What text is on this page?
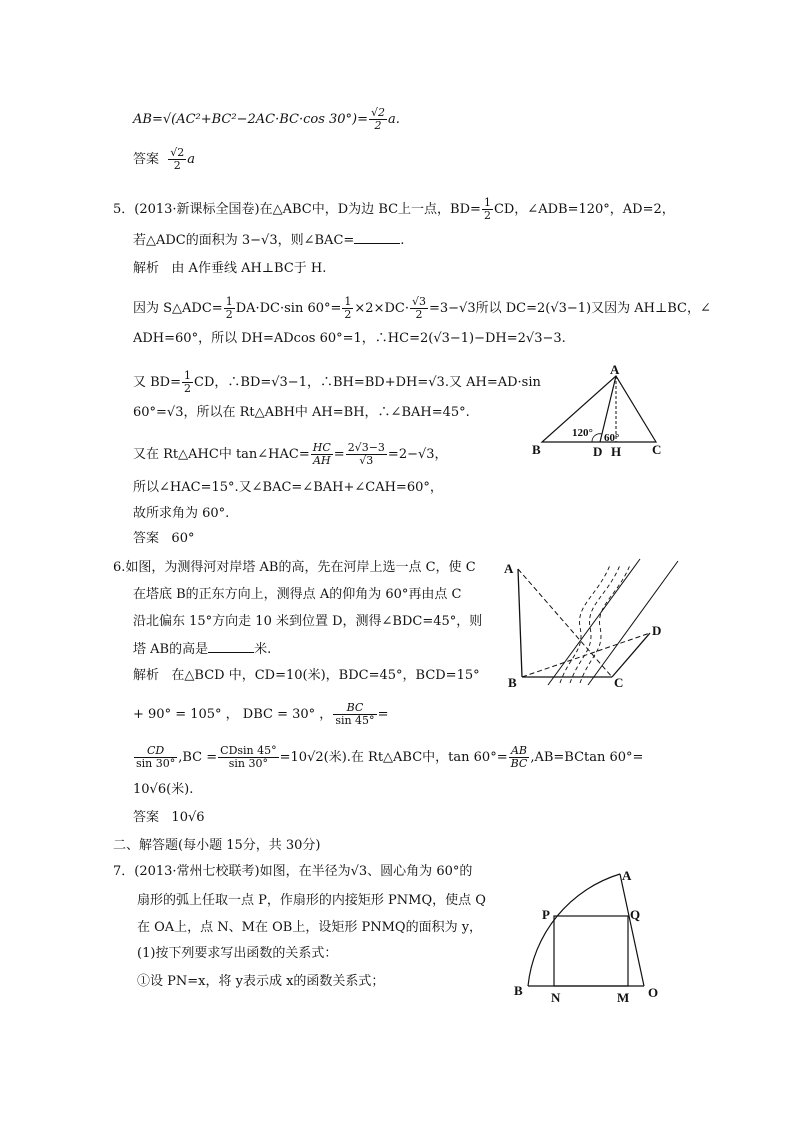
AB=√(AC²+BC²−2AC·BC·cos $30^\circ)= \frac{√2}{2} a$.
答案 $\frac{√2}{2}$ a
5．(2013·新课标全国卷)在△ABC中，D为边 BC上一点，$BD= \frac{1}{2}$ CD，∠ADB=120°，AD=2，
若△ADC的面积为 3−√3，则∠BAC=	.
解析 由 A作垂线 AH⊥BC于 H.
因为 S△ADC= $\frac{1}{2} DA\cdot DC\cdot\sin$ $60^\circ= \frac{1}{2} \times 2\times DC\cdot \frac{√3}{2} =3-√3$所以 DC=2(√3−1)又因为 AH⊥BC，∠
ADH=60°，所以 DH=ADcos 60°=1，∴HC=2(√3−1)−DH=2√3−3.
又 $BD= \frac{1}{2}$ CD，∴BD=√3−1，∴BH=BD+DH=√3.又 AH=AD·sin
60°=√3，所以在 Rt△ABH中 AH=BH，∴∠BAH=45°.
又在 Rt△AHC中 tan∠HAC= $\frac{HC}{AH} = \frac{2√3-3}{√3} =2-√3$，
所以∠HAC=15°.又∠BAC=∠BAH+∠CAH=60°，
故所求角为 60°.
答案 60°
A
B	C
D H
120° 60°
6.如图，为测得河对岸塔 AB的高，先在河岸上选一点 C，使 C
在塔底 B的正东方向上，测得点 A的仰角为 60°再由点 C
沿北偏东 15°方向走 10 米到位置 D，测得∠BDC=45°，则
塔 AB的高是	米.
解析 在△BCD 中，CD=10(米)，BDC=45°，BCD=15°
+ 90° = 105° ， DBC = 30° ， $\frac{BC}{\sin 45^\circ}$ =
$\frac{CD}{\sin 30^\circ} ,BC = \frac{CDsin 45^\circ}{\sin 30^\circ} =10√2$(米).在 Rt△ABC中，$\tan 60^\circ= \frac{AB}{BC} ,AB=BCtan$ 60°=
10√6(米).
答案 10√6
A
B	C
D
二、解答题(每小题 15分，共 30分)
7．(2013·常州七校联考)如图，在半径为√3、圆心角为 60°的
扇形的弧上任取一点 P，作扇形的内接矩形 PNMQ，使点 Q
在 OA上，点 N、M在 OB上，设矩形 PNMQ的面积为 y，
(1)按下列要求写出函数的关系式：
①设 PN=x，将 y表示成 x的函数关系式；
A
P	Q
B N	M O
